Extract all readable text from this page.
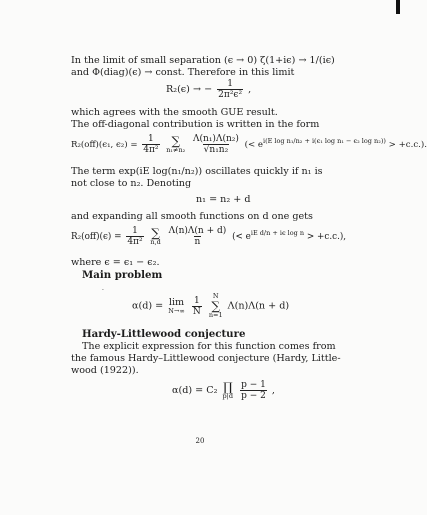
In the limit of small separation (ϵ → 0) ζ(1+iϵ) → 1/(iϵ)
and Φ(diag)(ϵ) → const. Therefore in this limit
R₂(ϵ) → − $\frac{1}{\text{2π²ϵ²}}$ ,
which agrees with the smooth GUE result.
The off-diagonal contribution is written in the form
R₂(off)(ϵ₁, $\epsilon_2) = \frac{1}{\text{4π²}}$
∑
n₁≠n₂
$\frac{\text{Λ(n₁)Λ(n₂)}}{\text{√n₁n₂}}$ (< $e^{i(E log n_1/n_2 + i(\epsilon_1 log n_1 - \epsilon_2 log n_2))} > +c.c$.).
The term exp(iE log(n₁/n₂)) oscillates quickly if n₁ is
not close to n₂. Denoting
n₁ = n₂ + d
and expanding all smooth functions on d one gets
$R_2(off)(\epsilon) = \frac{1}{\text{4π²}}$
∑
n,d
$\frac{\Lambda(n)\Lambda(n + d)}{n}$ (< $e^{iE d/n + i\epsilon log n} > +c.c$.),
where ϵ = ϵ₁ − ϵ₂.
Main problem
·
α(d) = lim
N→∞
$\frac{1}{N}$
N
∑
n=1
Λ(n)Λ(n + d)
Hardy-Littlewood conjecture
The explicit expression for this function comes from
the famous Hardy–Littlewood conjecture (Hardy, Little-
wood (1922)).
α(d) = C₂ ∏
p|d
$\frac{p - 1}{p - 2}$ ,
20
